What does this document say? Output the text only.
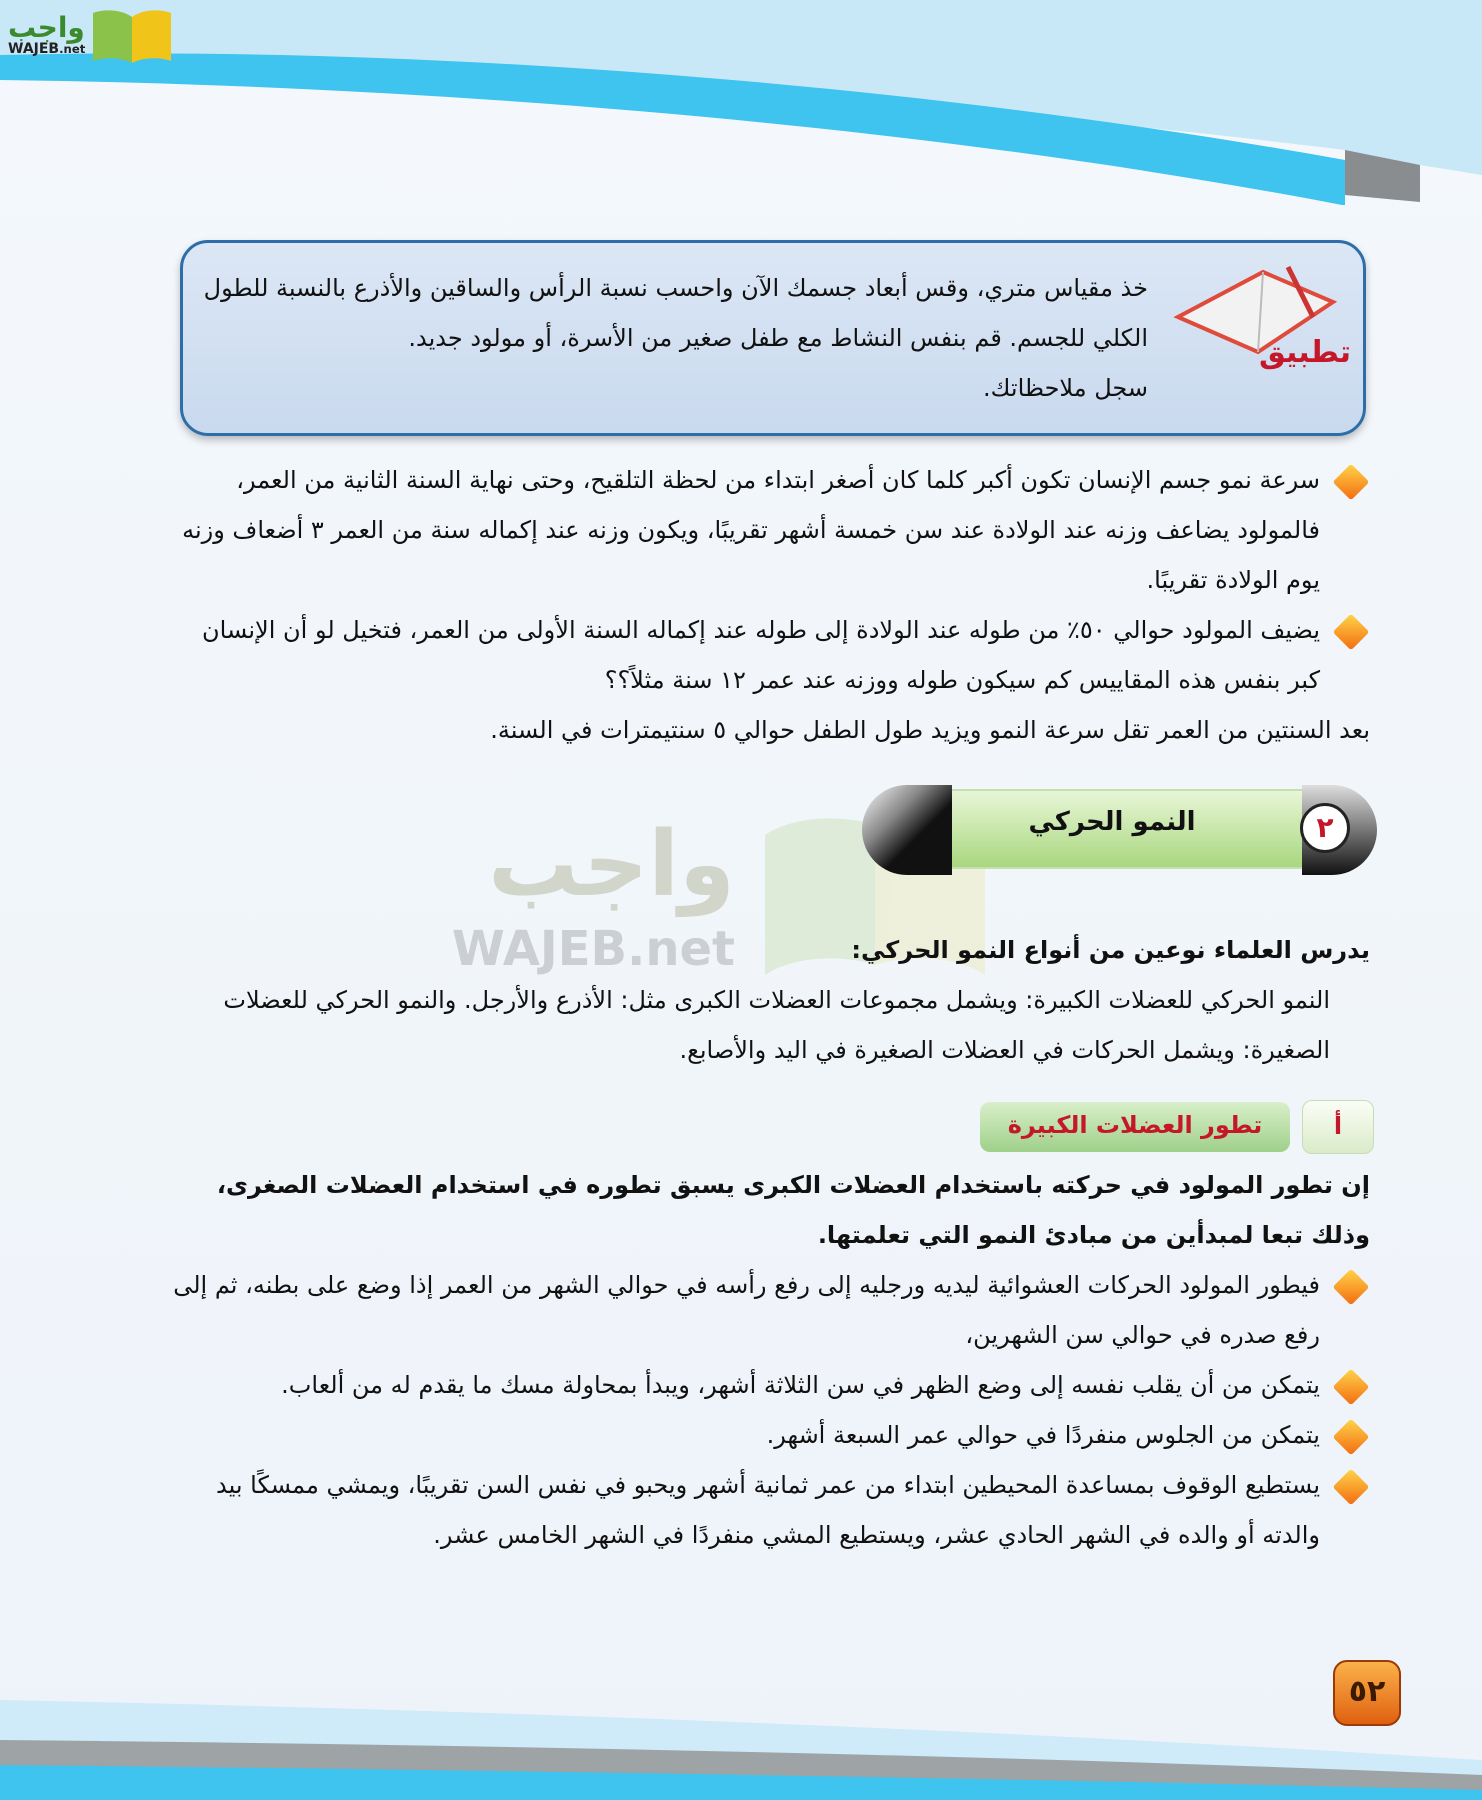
واجب
WAJEB.net
تطبيق

خذ مقياس متري، وقس أبعاد جسمك الآن واحسب نسبة الرأس والساقين والأذرع بالنسبة للطول الكلي للجسم. قم بنفس النشاط مع طفل صغير من الأسرة، أو مولود جديد.

سجل ملاحظاتك.

سرعة نمو جسم الإنسان تكون أكبر كلما كان أصغر ابتداء من لحظة التلقيح، وحتى نهاية السنة الثانية من العمر، فالمولود يضاعف وزنه عند الولادة عند سن خمسة أشهر تقريبًا، ويكون وزنه عند إكماله سنة من العمر ٣ أضعاف وزنه يوم الولادة تقريبًا.
يضيف المولود حوالي ٥٠٪ من طوله عند الولادة إلى طوله عند إكماله السنة الأولى من العمر، فتخيل لو أن الإنسان كبر بنفس هذه المقاييس كم سيكون طوله ووزنه عند عمر ١٢ سنة مثلاً؟؟

بعد السنتين من العمر تقل سرعة النمو ويزيد طول الطفل حوالي ٥ سنتيمترات في السنة.

واجب
WAJEB.net
٢
النمو الحركي

يدرس العلماء نوعين من أنواع النمو الحركي:

النمو الحركي للعضلات الكبيرة: ويشمل مجموعات العضلات الكبرى مثل: الأذرع والأرجل. والنمو الحركي للعضلات الصغيرة: ويشمل الحركات في العضلات الصغيرة في اليد والأصابع.

تطور العضلات الكبيرة	أ

إن تطور المولود في حركته باستخدام العضلات الكبرى يسبق تطوره في استخدام العضلات الصغرى، وذلك تبعا لمبدأين من مبادئ النمو التي تعلمتها.

فيطور المولود الحركات العشوائية ليديه ورجليه إلى رفع رأسه في حوالي الشهر من العمر إذا وضع على بطنه، ثم إلى رفع صدره في حوالي سن الشهرين،
يتمكن من أن يقلب نفسه إلى وضع الظهر في سن الثلاثة أشهر، ويبدأ بمحاولة مسك ما يقدم له من ألعاب.
يتمكن من الجلوس منفردًا في حوالي عمر السبعة أشهر.
يستطيع الوقوف بمساعدة المحيطين ابتداء من عمر ثمانية أشهر ويحبو في نفس السن تقريبًا، ويمشي ممسكًا بيد والدته أو والده في الشهر الحادي عشر، ويستطيع المشي منفردًا في الشهر الخامس عشر.
٥٢
